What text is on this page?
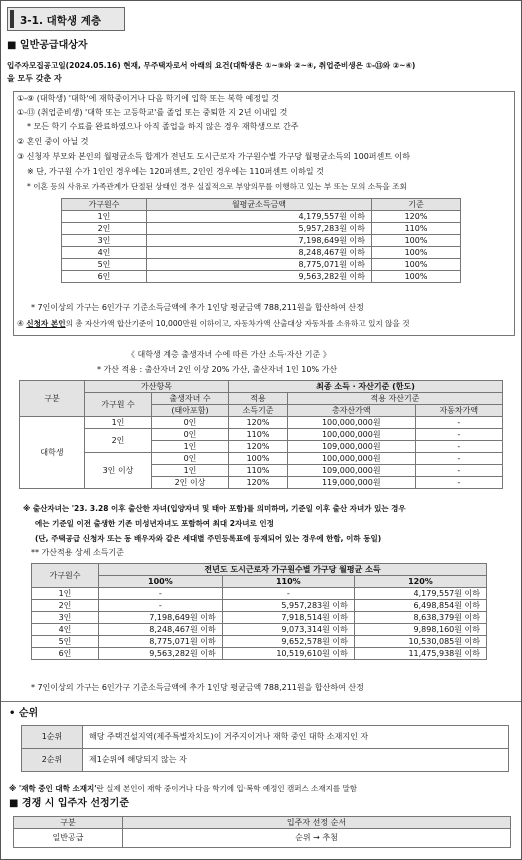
3-1. 대학생 계층
■ 일반공급대상자
입주자모집공고일(2024.05.16) 현재, 무주택자로서 아래의 요건(대학생은 ①~⑨와 ②~④, 취업준비생은 ①-⑬와 ②~④)
을 모두 갖춘 자
①-⑨ (대학생) '대학'에 재학중이거나 다음 학기에 입학 또는 복학 예정일 것
①-⑬ (취업준비생) '대학 또는 고등학교'를 졸업 또는 중퇴한 지 2년 이내일 것
* 모든 학기 수료를 완료하였으나 아직 졸업을 하지 않은 경우 재학생으로 간주
② 혼인 중이 아닐 것
③ 신청자 부모와 본인의 월평균소득 합계가 전년도 도시근로자 가구원수별 가구당 월평균소득의 100퍼센트 이하
※ 단, 가구원 수가 1인인 경우에는 120퍼센트, 2인인 경우에는 110퍼센트 이하일 것
* 이혼 등의 사유로 가족관계가 단절된 상태인 경우 실질적으로 부양의무를 이행하고 있는 부 또는 모의 소득을 조회
가구원수	월평균소득금액	기준
1인	4,179,557원 이하	120%
2인	5,957,283원 이하	110%
3인	7,198,649원 이하	100%
4인	8,248,467원 이하	100%
5인	8,775,071원 이하	100%
6인	9,563,282원 이하	100%
* 7인이상의 가구는 6인가구 기준소득금액에 추가 1인당 평균금액 788,211원을 합산하여 산정
④ 신청자 본인의 총 자산가액 합산기준이 10,000만원 이하이고, 자동차가액 산출대상 자동차를 소유하고 있지 않을 것
《 대학생 계층 출생자녀 수에 따른 가산 소득·자산 기준 》
* 가산 적용 : 출산자녀 2인 이상 20% 가산, 출산자녀 1인 10% 가산
구분	가산항목		최종 소득 · 자산기준 (한도)		
	가구원 수	출생자녀 수	적용	적용 자산기준	
		(태아포함)	소득기준	총자산가액	자동차가액
대학생	1인	0인	120%	100,000,000원	-
	2인	0인	110%	100,000,000원	-
		1인	120%	109,000,000원	-
	3인 이상	0인	100%	100,000,000원	-
		1인	110%	109,000,000원	-
		2인 이상	120%	119,000,000원	-
※ 출산자녀는 '23. 3.28 이후 출산한 자녀(입양자녀 및 태아 포함)를 의미하며, 기준일 이후 출산 자녀가 있는 경우
에는 기준일 이전 출생한 기존 미성년자녀도 포함하여 최대 2자녀로 인정
(단, 주택공급 신청자 또는 동 배우자와 같은 세대별 주민등록표에 등재되어 있는 경우에 한함, 이하 동일)
** 가산적용 상세 소득기준
가구원수	전년도 도시근로자 가구원수별 가구당 월평균 소득		
	100%	110%	120%
1인	-	-	4,179,557원 이하
2인	-	5,957,283원 이하	6,498,854원 이하
3인	7,198,649원 이하	7,918,514원 이하	8,638,379원 이하
4인	8,248,467원 이하	9,073,314원 이하	9,898,160원 이하
5인	8,775,071원 이하	9,652,578원 이하	10,530,085원 이하
6인	9,563,282원 이하	10,519,610원 이하	11,475,938원 이하
* 7인이상의 가구는 6인가구 기준소득금액에 추가 1인당 평균금액 788,211원을 합산하여 산정
• 순위
1순위	해당 주택건설지역(제주특별자치도)이 거주지이거나 재학 중인 대학 소재지인 자
2순위	제1순위에 해당되지 않는 자
※ '재학 중인 대학 소재지'란 실제 본인이 재학 중이거나 다음 학기에 입·복학 예정인 캠퍼스 소재지를 말함
■ 경쟁 시 입주자 선정기준
구분	입주자 선정 순서
일반공급	순위 → 추첨
